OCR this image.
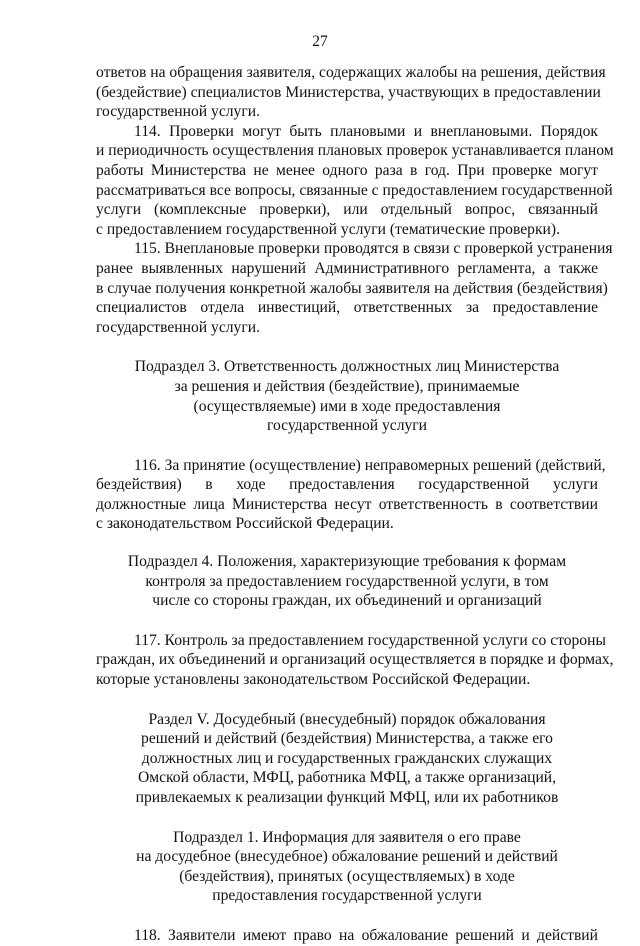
27

ответов на обращения заявителя, содержащих жалобы на решения, действия
(бездействие) специалистов Министерства, участвующих в предоставлении
государственной услуги.

114. Проверки могут быть плановыми и внеплановыми. Порядок
и периодичность осуществления плановых проверок устанавливается планом
работы Министерства не менее одного раза в год. При проверке могут
рассматриваться все вопросы, связанные с предоставлением государственной
услуги (комплексные проверки), или отдельный вопрос, связанный
с предоставлением государственной услуги (тематические проверки).

115. Внеплановые проверки проводятся в связи с проверкой устранения
ранее выявленных нарушений Административного регламента, а также
в случае получения конкретной жалобы заявителя на действия (бездействия)
специалистов отдела инвестиций, ответственных за предоставление
государственной услуги.

Подраздел 3. Ответственность должностных лиц Министерства
за решения и действия (бездействие), принимаемые
(осуществляемые) ими в ходе предоставления
государственной услуги

116. За принятие (осуществление) неправомерных решений (действий,
бездействия) в ходе предоставления государственной услуги
должностные лица Министерства несут ответственность в соответствии
с законодательством Российской Федерации.

Подраздел 4. Положения, характеризующие требования к формам
контроля за предоставлением государственной услуги, в том
числе со стороны граждан, их объединений и организаций

117. Контроль за предоставлением государственной услуги со стороны
граждан, их объединений и организаций осуществляется в порядке и формах,
которые установлены законодательством Российской Федерации.

Раздел V. Досудебный (внесудебный) порядок обжалования
решений и действий (бездействия) Министерства, а также его
должностных лиц и государственных гражданских служащих
Омской области, МФЦ, работника МФЦ, а также организаций,
привлекаемых к реализации функций МФЦ, или их работников

Подраздел 1. Информация для заявителя о его праве
на досудебное (внесудебное) обжалование решений и действий
(бездействия), принятых (осуществляемых) в ходе
предоставления государственной услуги

118. Заявители имеют право на обжалование решений и действий
